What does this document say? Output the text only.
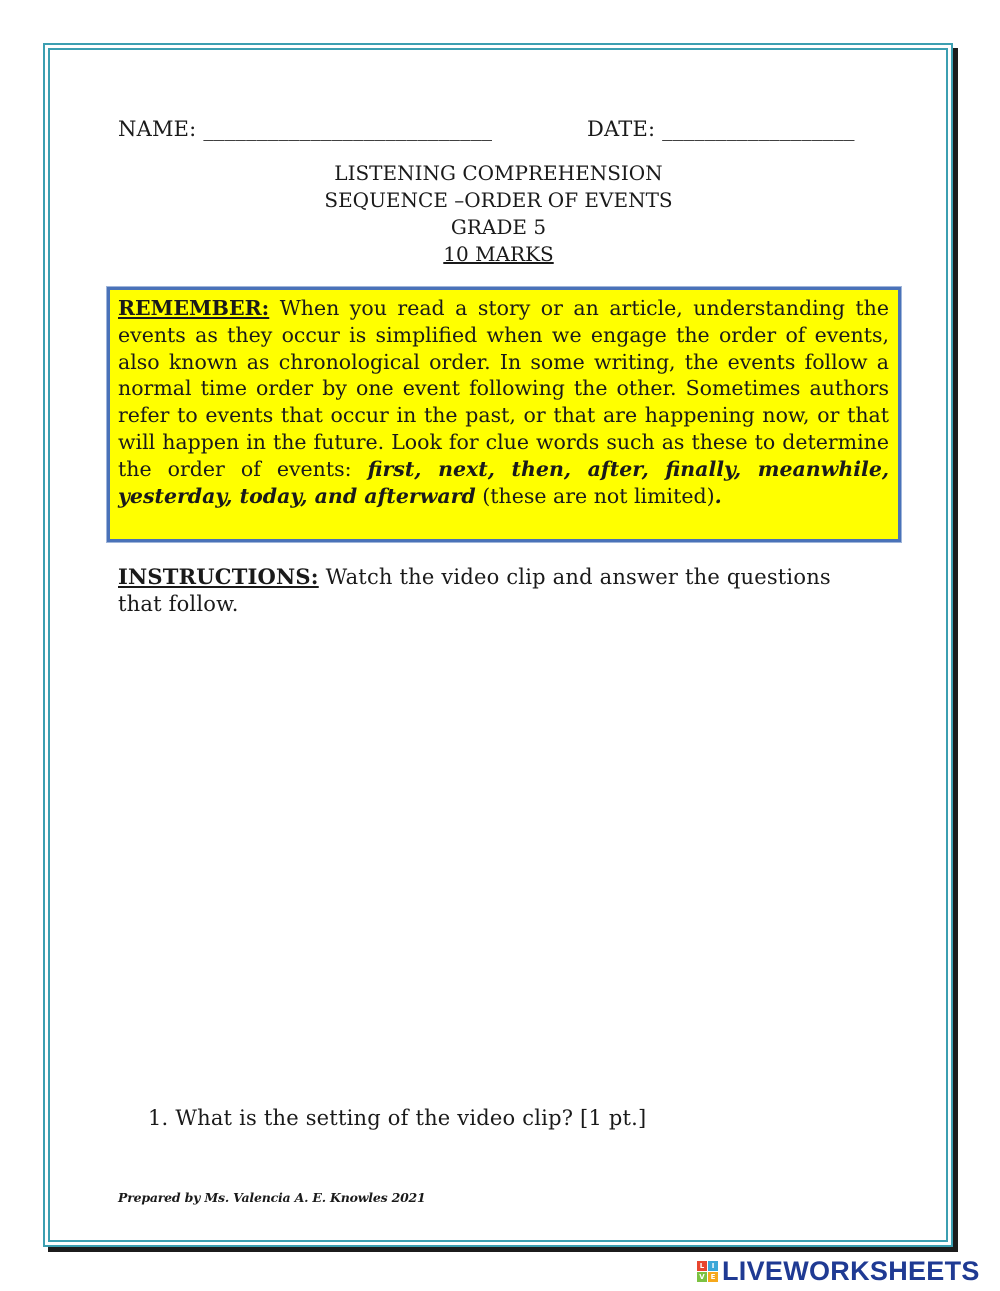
NAME: ___________________________	DATE: __________________
LISTENING COMPREHENSION
SEQUENCE –ORDER OF EVENTS
GRADE 5
10 MARKS
REMEMBER: When you read a story or an article, understanding the events as they occur is simplified when we engage the order of events, also known as chronological order. In some writing, the events follow a normal time order by one event following the other. Sometimes authors refer to events that occur in the past, or that are happening now, or that will happen in the future. Look for clue words such as these to determine the order of events: first, next, then, after, finally, meanwhile, yesterday, today, and afterward (these are not limited).
INSTRUCTIONS: Watch the video clip and answer the questions that follow.
1. What is the setting of the video clip? [1 pt.]
Prepared by Ms. Valencia A. E. Knowles 2021
L	I
V E LIVEWORKSHEETS
